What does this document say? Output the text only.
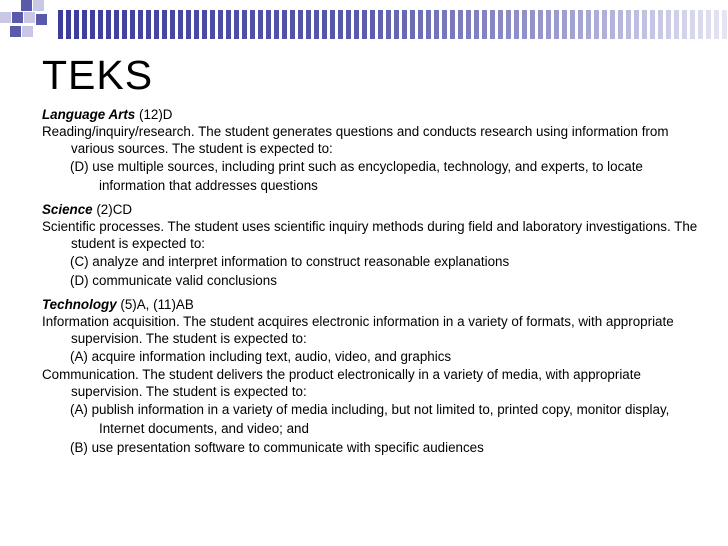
TEKS
Language Arts (12)D
Reading/inquiry/research. The student generates questions and conducts research using information from various sources. The student is expected to:
(D) use multiple sources, including print such as encyclopedia, technology, and experts, to locate information that addresses questions
Science (2)CD
Scientific processes. The student uses scientific inquiry methods during field and laboratory investigations. The student is expected to:
(C) analyze and interpret information to construct reasonable explanations
(D) communicate valid conclusions
Technology (5)A, (11)AB
Information acquisition. The student acquires electronic information in a variety of formats, with appropriate supervision. The student is expected to:
(A) acquire information including text, audio, video, and graphics
Communication. The student delivers the product electronically in a variety of media, with appropriate supervision. The student is expected to:
(A) publish information in a variety of media including, but not limited to, printed copy, monitor display, Internet documents, and video; and
(B) use presentation software to communicate with specific audiences
